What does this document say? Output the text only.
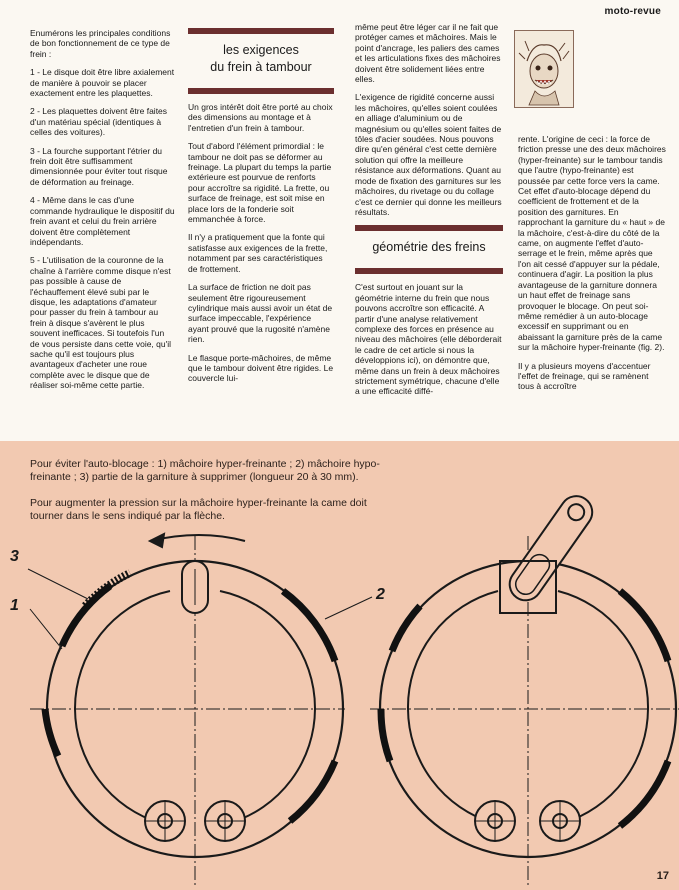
moto-revue

Enumérons les principales conditions de bon fonctionnement de ce type de frein :

1 - Le disque doit être libre axialement de manière à pouvoir se placer exactement entre les plaquettes.

2 - Les plaquettes doivent être faites d'un matériau spécial (identiques à celles des voitures).

3 - La fourche supportant l'étrier du frein doit être suffisamment dimensionnée pour éviter tout risque de déformation au freinage.

4 - Même dans le cas d'une commande hydraulique le dispositif du frein avant et celui du frein arrière doivent être complètement indépendants.

5 - L'utilisation de la couronne de la chaîne à l'arrière comme disque n'est pas possible à cause de l'échauffement élevé subi par le disque, les adaptations d'amateur pour passer du frein à tambour au frein à disque s'avèrent le plus souvent inefficaces. Si toutefois l'un de vous persiste dans cette voie, qu'il sache qu'il est toujours plus avantageux d'acheter une roue complète avec le disque que de réaliser soi-même cette partie.

les exigences
du frein à tambour

Un gros intérêt doit être porté au choix des dimensions au montage et à l'entretien d'un frein à tambour.

Tout d'abord l'élément primordial : le tambour ne doit pas se déformer au freinage. La plupart du temps la partie extérieure est pourvue de renforts pour accroître sa rigidité. La frette, ou surface de freinage, est soit mise en place lors de la fonderie soit emmanchée à force.

Il n'y a pratiquement que la fonte qui satisfasse aux exigences de la frette, notamment par ses caractéristiques de frottement.

La surface de friction ne doit pas seulement être rigoureusement cylindrique mais aussi avoir un état de surface impeccable, l'expérience ayant prouvé que la rugosité n'amène rien.

Le flasque porte-mâchoires, de même que le tambour doivent être rigides. Le couvercle lui-

même peut être léger car il ne fait que protéger cames et mâchoires. Mais le point d'ancrage, les paliers des cames et les articulations fixes des mâchoires doivent être solidement liées entre elles.

L'exigence de rigidité concerne aussi les mâchoires, qu'elles soient coulées en alliage d'aluminium ou de magnésium ou qu'elles soient faites de tôles d'acier soudées. Nous pouvons dire qu'en général c'est cette dernière solution qui offre la meilleure résistance aux déformations. Quant au mode de fixation des garnitures sur les mâchoires, du rivetage ou du collage c'est ce dernier qui donne les meilleurs résultats.

géométrie des freins

C'est surtout en jouant sur la géométrie interne du frein que nous pouvons accroître son efficacité. A partir d'une analyse relativement complexe des forces en présence au niveau des mâchoires (elle déborderait le cadre de cet article si nous la développions ici), on démontre que, même dans un frein à deux mâchoires strictement symétrique, chacune d'elle a une efficacité diffé-

rente. L'origine de ceci : la force de friction presse une des deux mâchoires (hyper-freinante) sur le tambour tandis que l'autre (hypo-freinante) est poussée par cette force vers la came. Cet effet d'auto-blocage dépend du coefficient de frottement et de la position des garnitures. En rapprochant la garniture du « haut » de la mâchoire, c'est-à-dire du côté de la came, on augmente l'effet d'auto-serrage et le frein, même après que l'on ait cessé d'appuyer sur la pédale, continuera d'agir. La position la plus avantageuse de la garniture donnera un haut effet de freinage sans provoquer le blocage. On peut soi-même remédier à un auto-blocage excessif en supprimant ou en abaissant la garniture près de la came sur la mâchoire hyper-freinante (fig. 2).

Il y a plusieurs moyens d'accentuer l'effet de freinage, qui se ramènent tous à accroître

Pour éviter l'auto-blocage : 1) mâchoire hyper-freinante ; 2) mâchoire hypo-
freinante ; 3) partie de la garniture à supprimer (longueur 20 à 30 mm).
Pour augmenter la pression sur la mâchoire hyper-freinante la came doit
tourner dans le sens indiqué par la flèche.
3
1
2
17
